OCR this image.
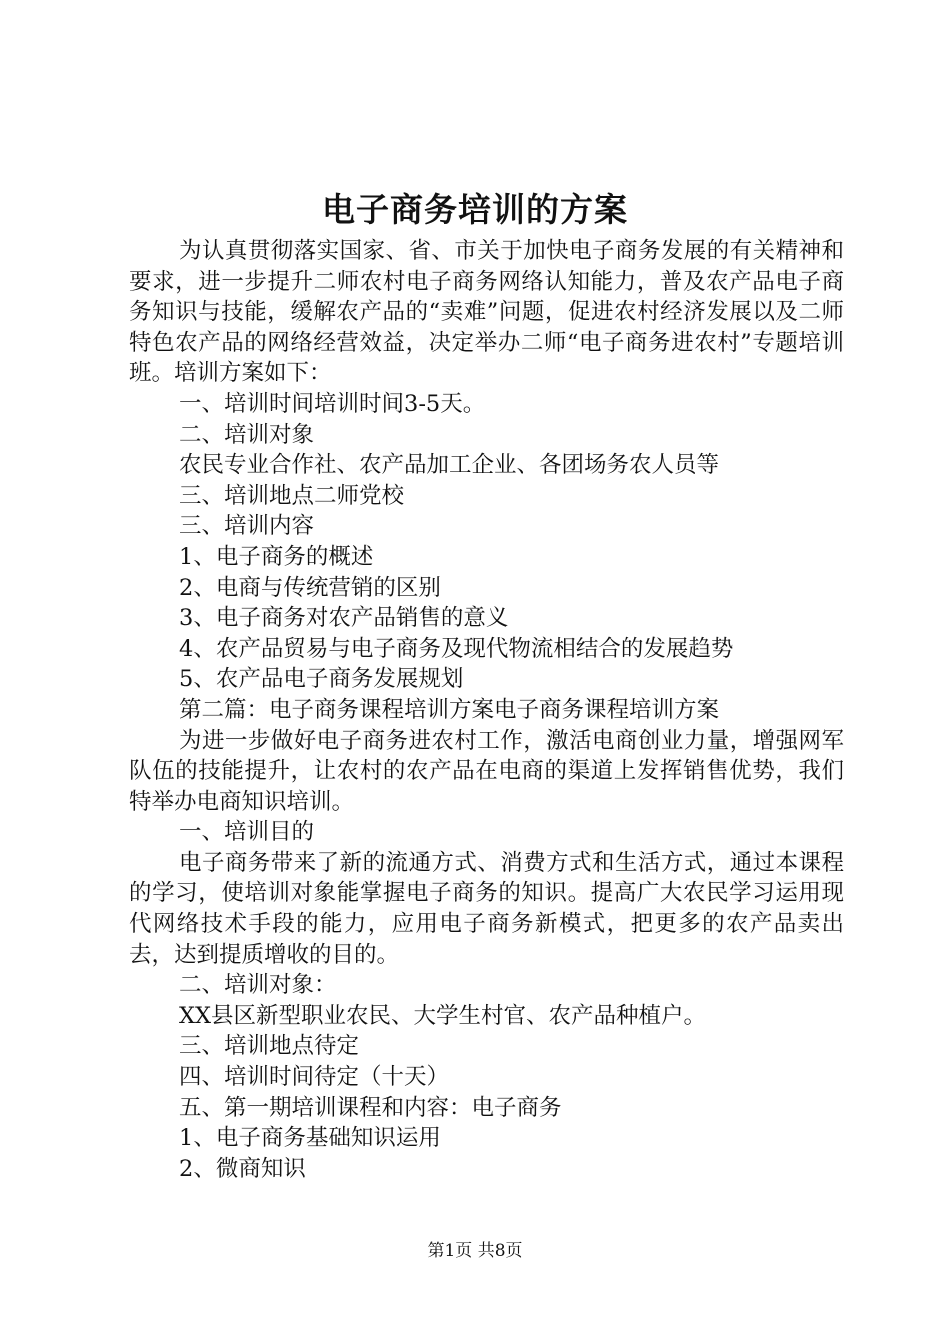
电子商务培训的方案

为认真贯彻落实国家、省、市关于加快电子商务发展的有关精神和要求，进一步提升二师农村电子商务网络认知能力，普及农产品电子商务知识与技能，缓解农产品的“卖难”问题，促进农村经济发展以及二师特色农产品的网络经营效益，决定举办二师“电子商务进农村”专题培训班。培训方案如下：

一、培训时间培训时间3-5天。

二、培训对象

农民专业合作社、农产品加工企业、各团场务农人员等

三、培训地点二师党校

三、培训内容

1、电子商务的概述

2、电商与传统营销的区别

3、电子商务对农产品销售的意义

4、农产品贸易与电子商务及现代物流相结合的发展趋势

5、农产品电子商务发展规划

第二篇：电子商务课程培训方案电子商务课程培训方案

为进一步做好电子商务进农村工作，激活电商创业力量，增强网军队伍的技能提升，让农村的农产品在电商的渠道上发挥销售优势，我们特举办电商知识培训。

一、培训目的

电子商务带来了新的流通方式、消费方式和生活方式，通过本课程的学习，使培训对象能掌握电子商务的知识。提高广大农民学习运用现代网络技术手段的能力，应用电子商务新模式，把更多的农产品卖出去，达到提质增收的目的。

二、培训对象：

XX县区新型职业农民、大学生村官、农产品种植户。

三、培训地点待定

四、培训时间待定（十天）

五、第一期培训课程和内容：电子商务

1、电子商务基础知识运用

2、微商知识

第1页 共8页
